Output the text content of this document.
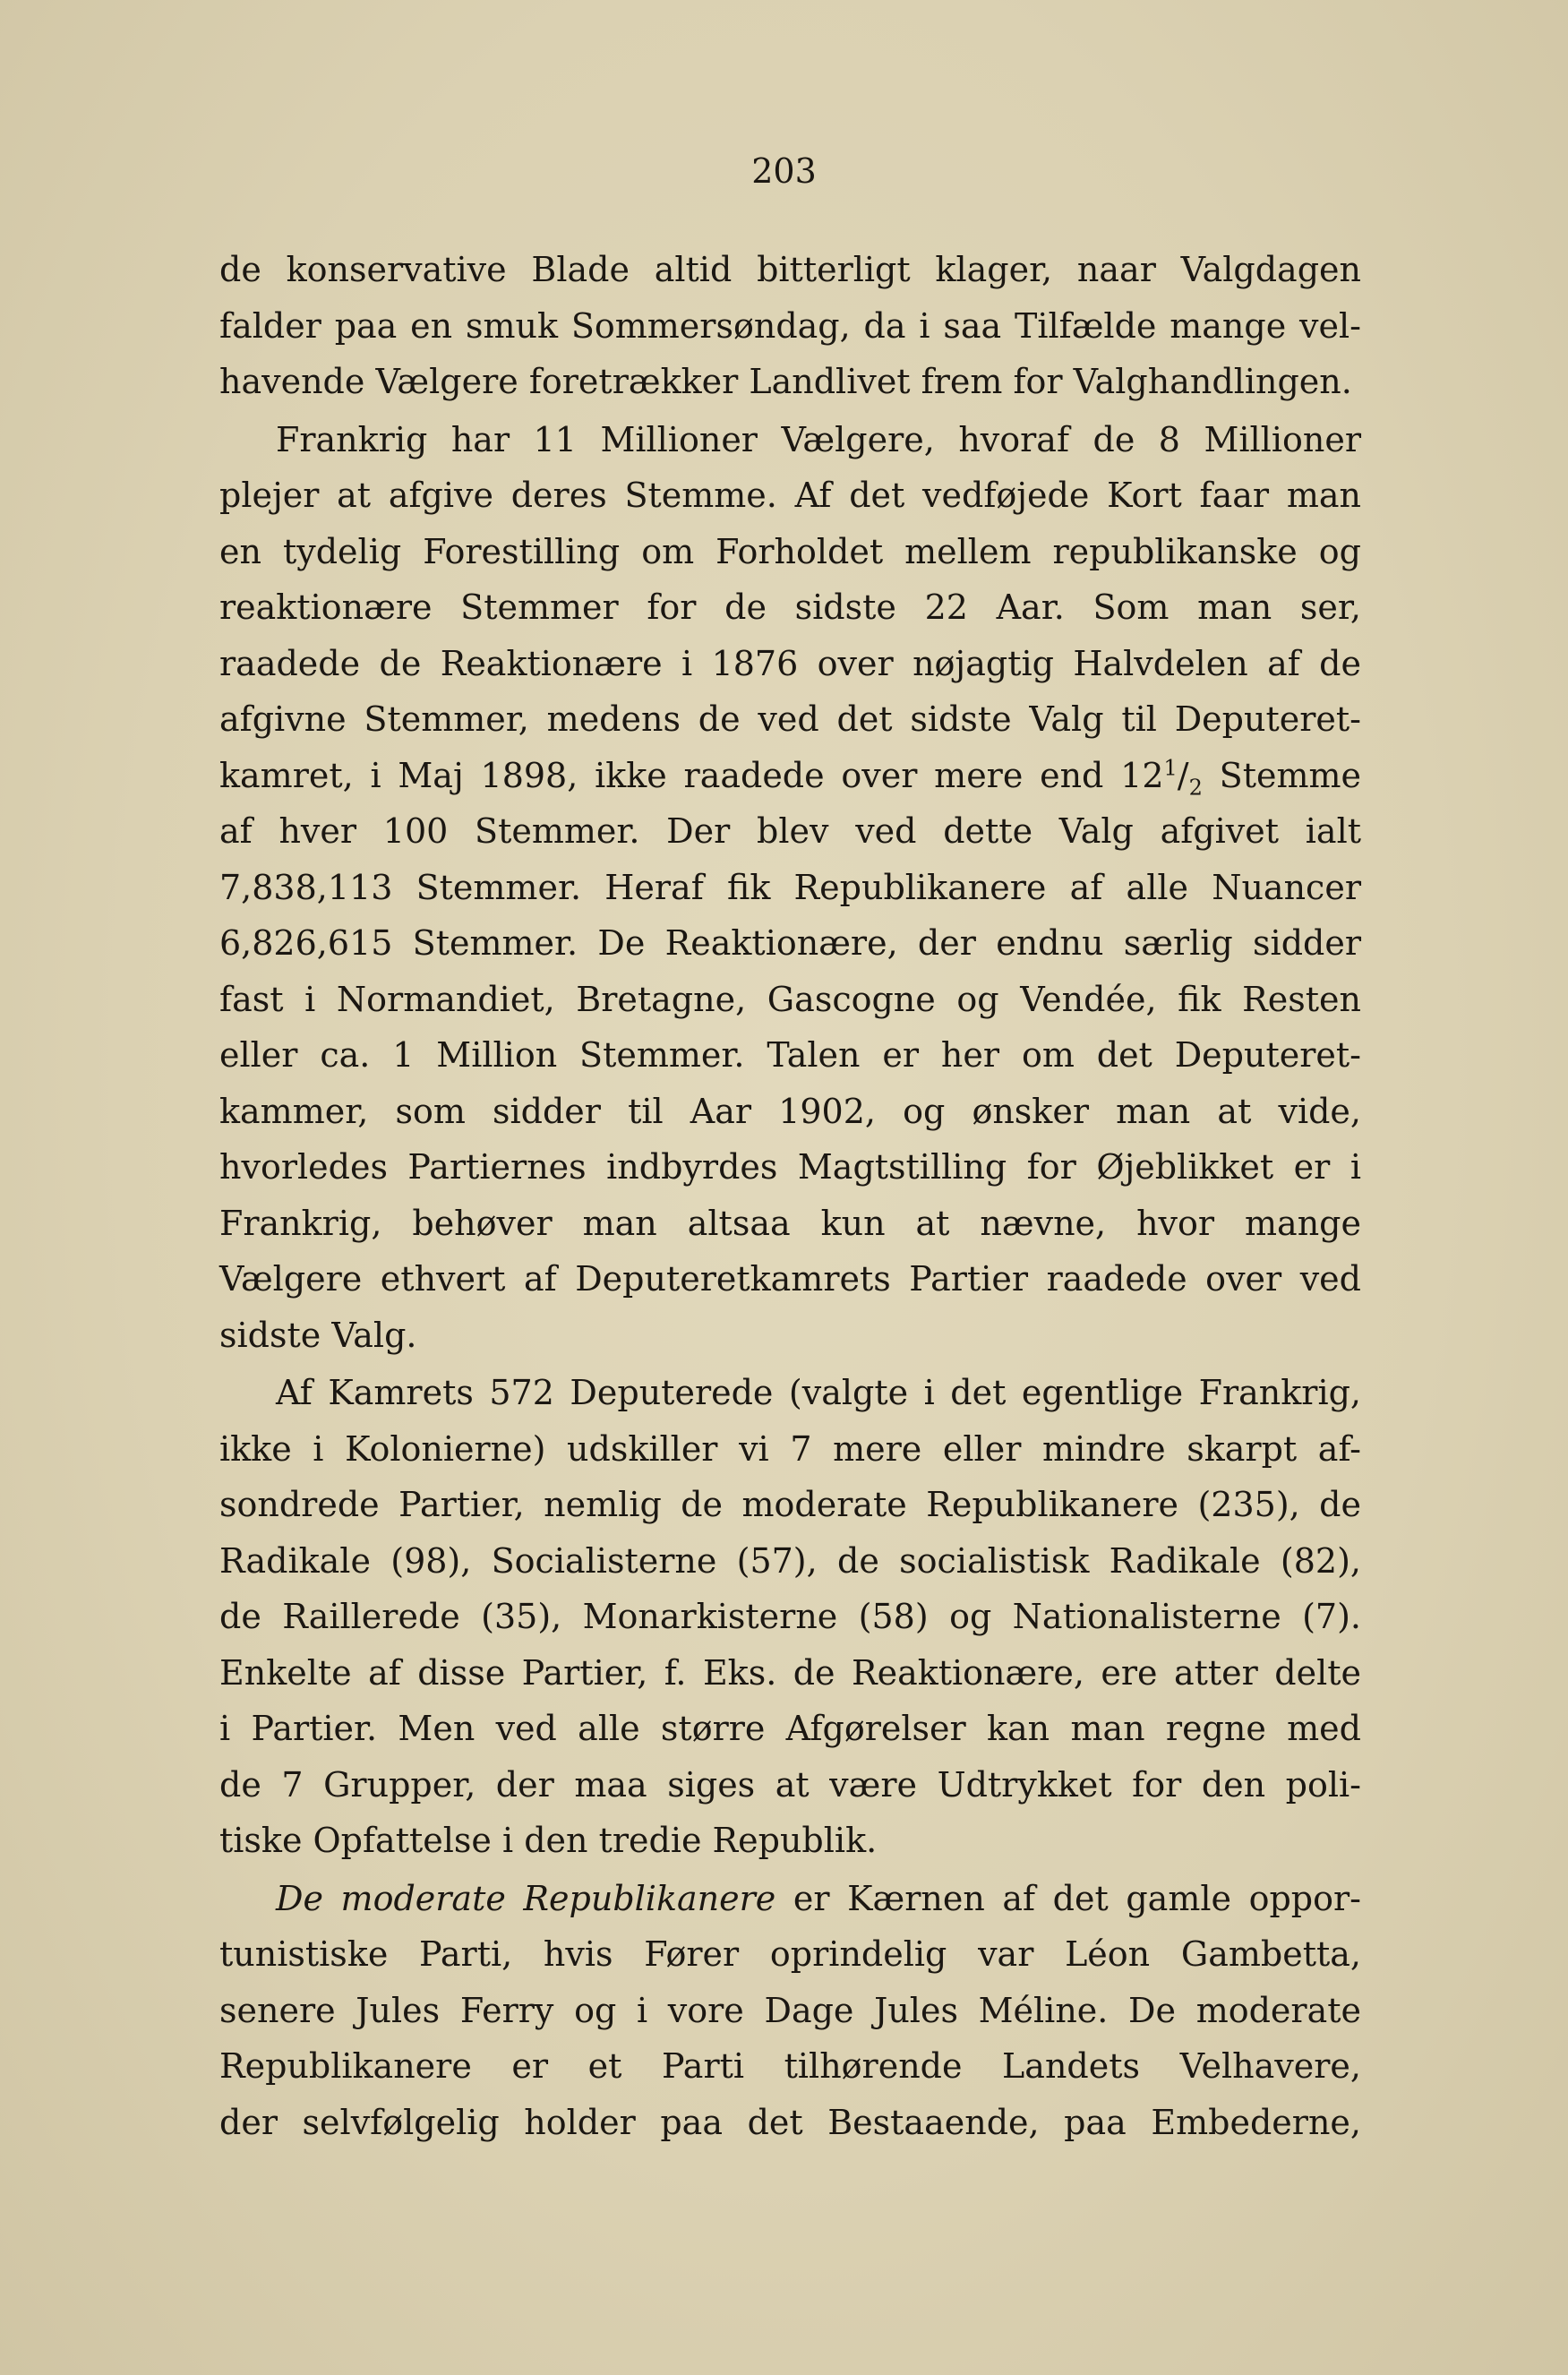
203
de konservative Blade altid bitterligt klager, naar Valgdagen
falder paa en smuk Sommersøndag, da i saa Tilfælde mange vel-
havende Vælgere foretrækker Landlivet frem for Valghandlingen.
Frankrig har 11 Millioner Vælgere, hvoraf de 8 Millioner
plejer at afgive deres Stemme. Af det vedføjede Kort faar man
en tydelig Forestilling om Forholdet mellem republikanske og
reaktionære Stemmer for de sidste 22 Aar. Som man ser,
raadede de Reaktionære i 1876 over nøjagtig Halvdelen af de
afgivne Stemmer, medens de ved det sidste Valg til Deputeret-
kamret, i Maj 1898, ikke raadede over mere end $12^1/_2$ Stemme
af hver 100 Stemmer. Der blev ved dette Valg afgivet ialt
7,838,113 Stemmer. Heraf fik Republikanere af alle Nuancer
6,826,615 Stemmer. De Reaktionære, der endnu særlig sidder
fast i Normandiet, Bretagne, Gascogne og Vendée, fik Resten
eller ca. 1 Million Stemmer. Talen er her om det Deputeret-
kammer, som sidder til Aar 1902, og ønsker man at vide,
hvorledes Partiernes indbyrdes Magtstilling for Øjeblikket er i
Frankrig, behøver man altsaa kun at nævne, hvor mange
Vælgere ethvert af Deputeretkamrets Partier raadede over ved
sidste Valg.
Af Kamrets 572 Deputerede (valgte i det egentlige Frankrig,
ikke i Kolonierne) udskiller vi 7 mere eller mindre skarpt af-
sondrede Partier, nemlig de moderate Republikanere (235), de
Radikale (98), Socialisterne (57), de socialistisk Radikale (82),
de Raillerede (35), Monarkisterne (58) og Nationalisterne (7).
Enkelte af disse Partier, f. Eks. de Reaktionære, ere atter delte
i Partier. Men ved alle større Afgørelser kan man regne med
de 7 Grupper, der maa siges at være Udtrykket for den poli-
tiske Opfattelse i den tredie Republik.
De moderate Republikanere er Kærnen af det gamle oppor-
tunistiske Parti, hvis Fører oprindelig var Léon Gambetta,
senere Jules Ferry og i vore Dage Jules Méline. De moderate
Republikanere er et Parti tilhørende Landets Velhavere,
der selvfølgelig holder paa det Bestaaende, paa Embederne,
